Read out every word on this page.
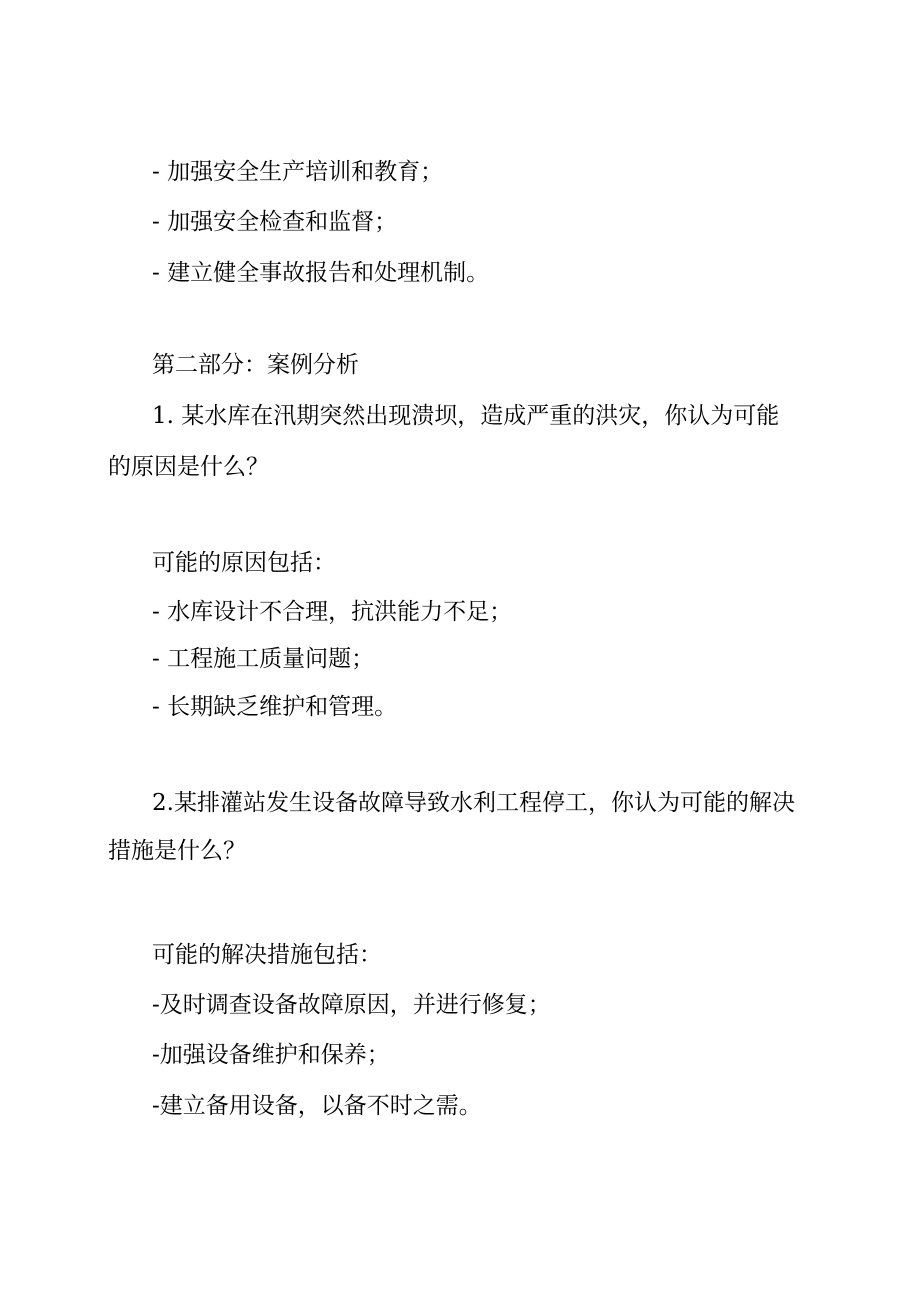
- 加强安全生产培训和教育；
- 加强安全检查和监督；
- 建立健全事故报告和处理机制。
第二部分：案例分析
1. 某水库在汛期突然出现溃坝，造成严重的洪灾，你认为可能
的原因是什么？
可能的原因包括：
- 水库设计不合理，抗洪能力不足；
- 工程施工质量问题；
- 长期缺乏维护和管理。
2.某排灌站发生设备故障导致水利工程停工，你认为可能的解决
措施是什么？
可能的解决措施包括：
-及时调查设备故障原因，并进行修复；
-加强设备维护和保养；
-建立备用设备，以备不时之需。
